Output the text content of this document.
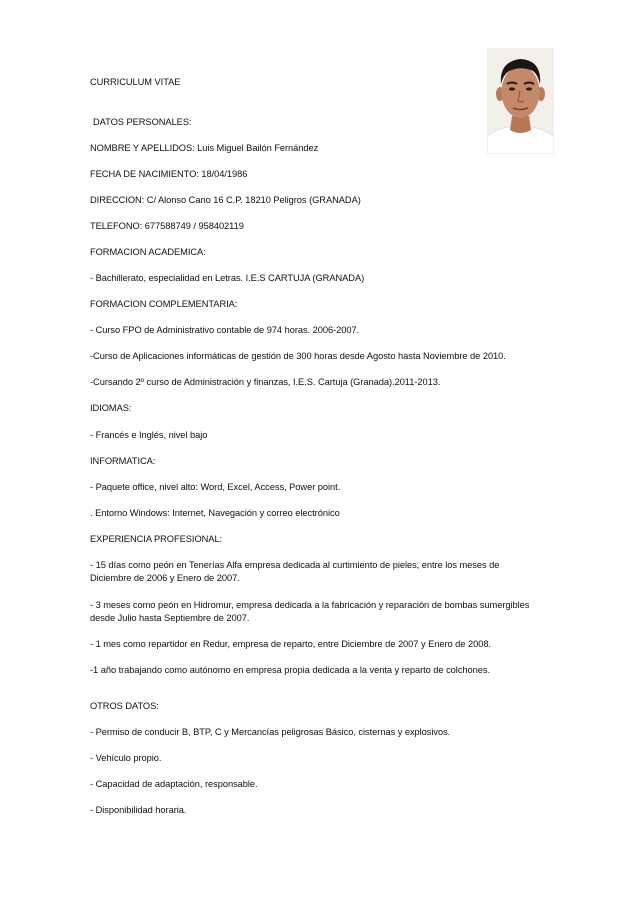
CURRICULUM VITAE
DATOS PERSONALES:
NOMBRE Y APELLIDOS: Luis Miguel Bailón Fernández
FECHA DE NACIMIENTO: 18/04/1986
DIRECCION: C/ Alonso Cano 16 C.P. 18210 Peligros (GRANADA)
TELEFONO: 677588749 / 958402119
FORMACION ACADEMICA:
- Bachillerato, especialidad en Letras. I.E.S CARTUJA (GRANADA)
FORMACION COMPLEMENTARIA:
- Curso FPO de Administrativo contable de 974 horas. 2006-2007.
-Curso de Aplicaciones informáticas de gestión de 300 horas desde Agosto hasta Noviembre de 2010.
-Cursando 2º curso de Administración y finanzas, I.E.S. Cartuja (Granada).2011-2013.
IDIOMAS:
- Francés e Inglés, nivel bajo
INFORMATICA:
- Paquete office, nivel alto: Word, Excel, Access, Power point.
. Entorno Windows: Internet, Navegación y correo electrónico
EXPERIENCIA PROFESIONAL:
- 15 días como peón en Tenerías Alfa empresa dedicada al curtimiento de pieles, entre los meses de Diciembre de 2006 y Enero de 2007.
- 3 meses como peón en Hidromur, empresa dedicada a la fabricación y reparación de bombas sumergibles desde Julio hasta Septiembre de 2007.
- 1 mes como repartidor en Redur, empresa de reparto, entre Diciembre de 2007 y Enero de 2008.
-1 año trabajando como autónomo en empresa propia dedicada a la venta y reparto de colchones.
OTROS DATOS:
- Permiso de conducir B, BTP, C y Mercancías peligrosas Básico, cisternas y explosivos.
- Vehículo propio.
- Capacidad de adaptación, responsable.
- Disponibilidad horaria.
